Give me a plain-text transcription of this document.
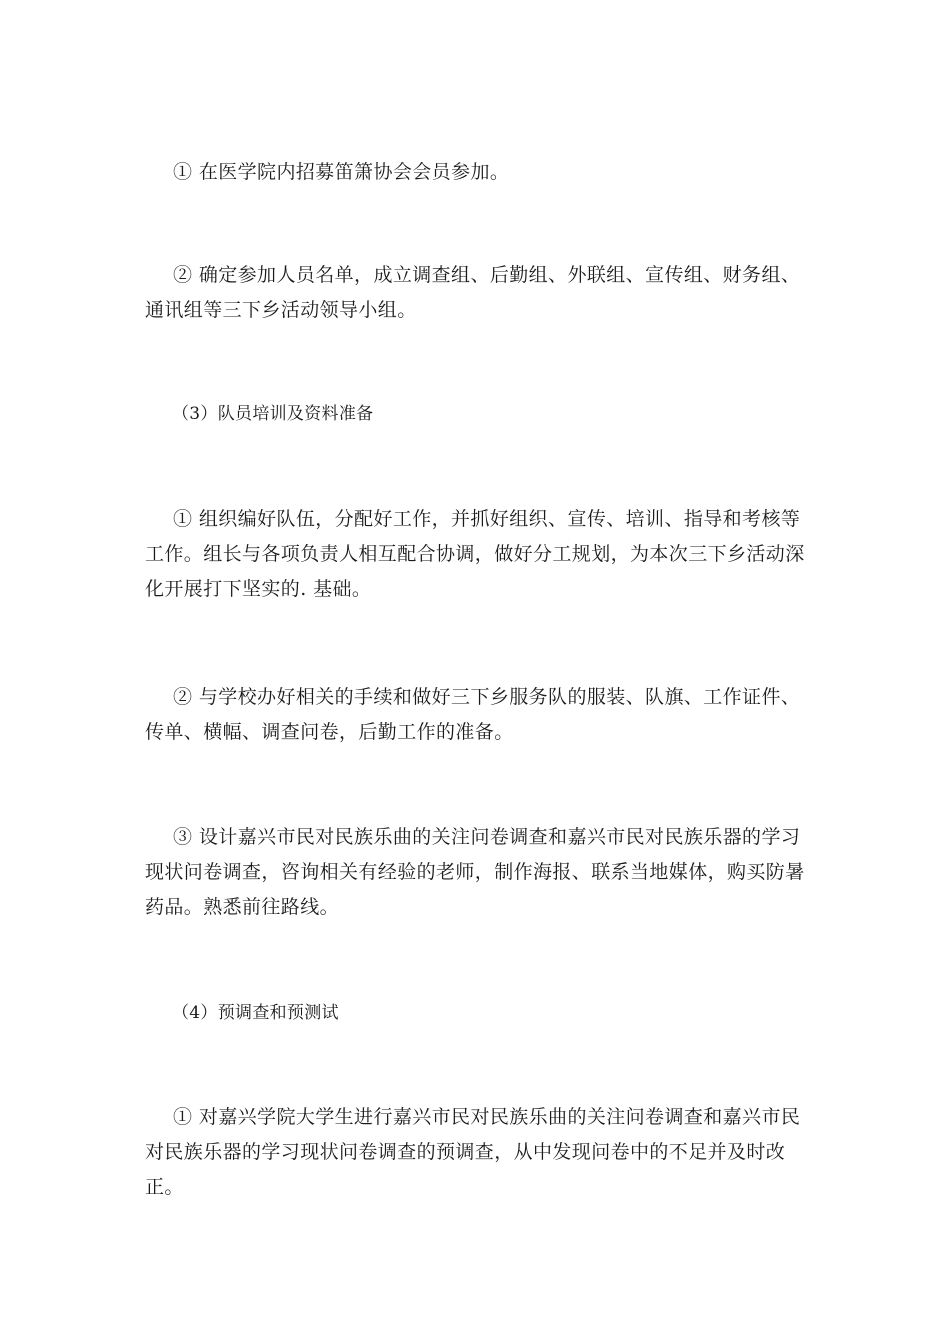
① 在医学院内招募笛箫协会会员参加。

② 确定参加人员名单，成立调查组、后勤组、外联组、宣传组、财务组、通讯组等三下乡活动领导小组。

（3）队员培训及资料准备

① 组织编好队伍，分配好工作，并抓好组织、宣传、培训、指导和考核等工作。组长与各项负责人相互配合协调，做好分工规划，为本次三下乡活动深化开展打下坚实的. 基础。

② 与学校办好相关的手续和做好三下乡服务队的服装、队旗、工作证件、传单、横幅、调查问卷，后勤工作的准备。

③ 设计嘉兴市民对民族乐曲的关注问卷调查和嘉兴市民对民族乐器的学习现状问卷调查，咨询相关有经验的老师，制作海报、联系当地媒体，购买防暑药品。熟悉前往路线。

（4）预调查和预测试

① 对嘉兴学院大学生进行嘉兴市民对民族乐曲的关注问卷调查和嘉兴市民对民族乐器的学习现状问卷调查的预调查，从中发现问卷中的不足并及时改正。
